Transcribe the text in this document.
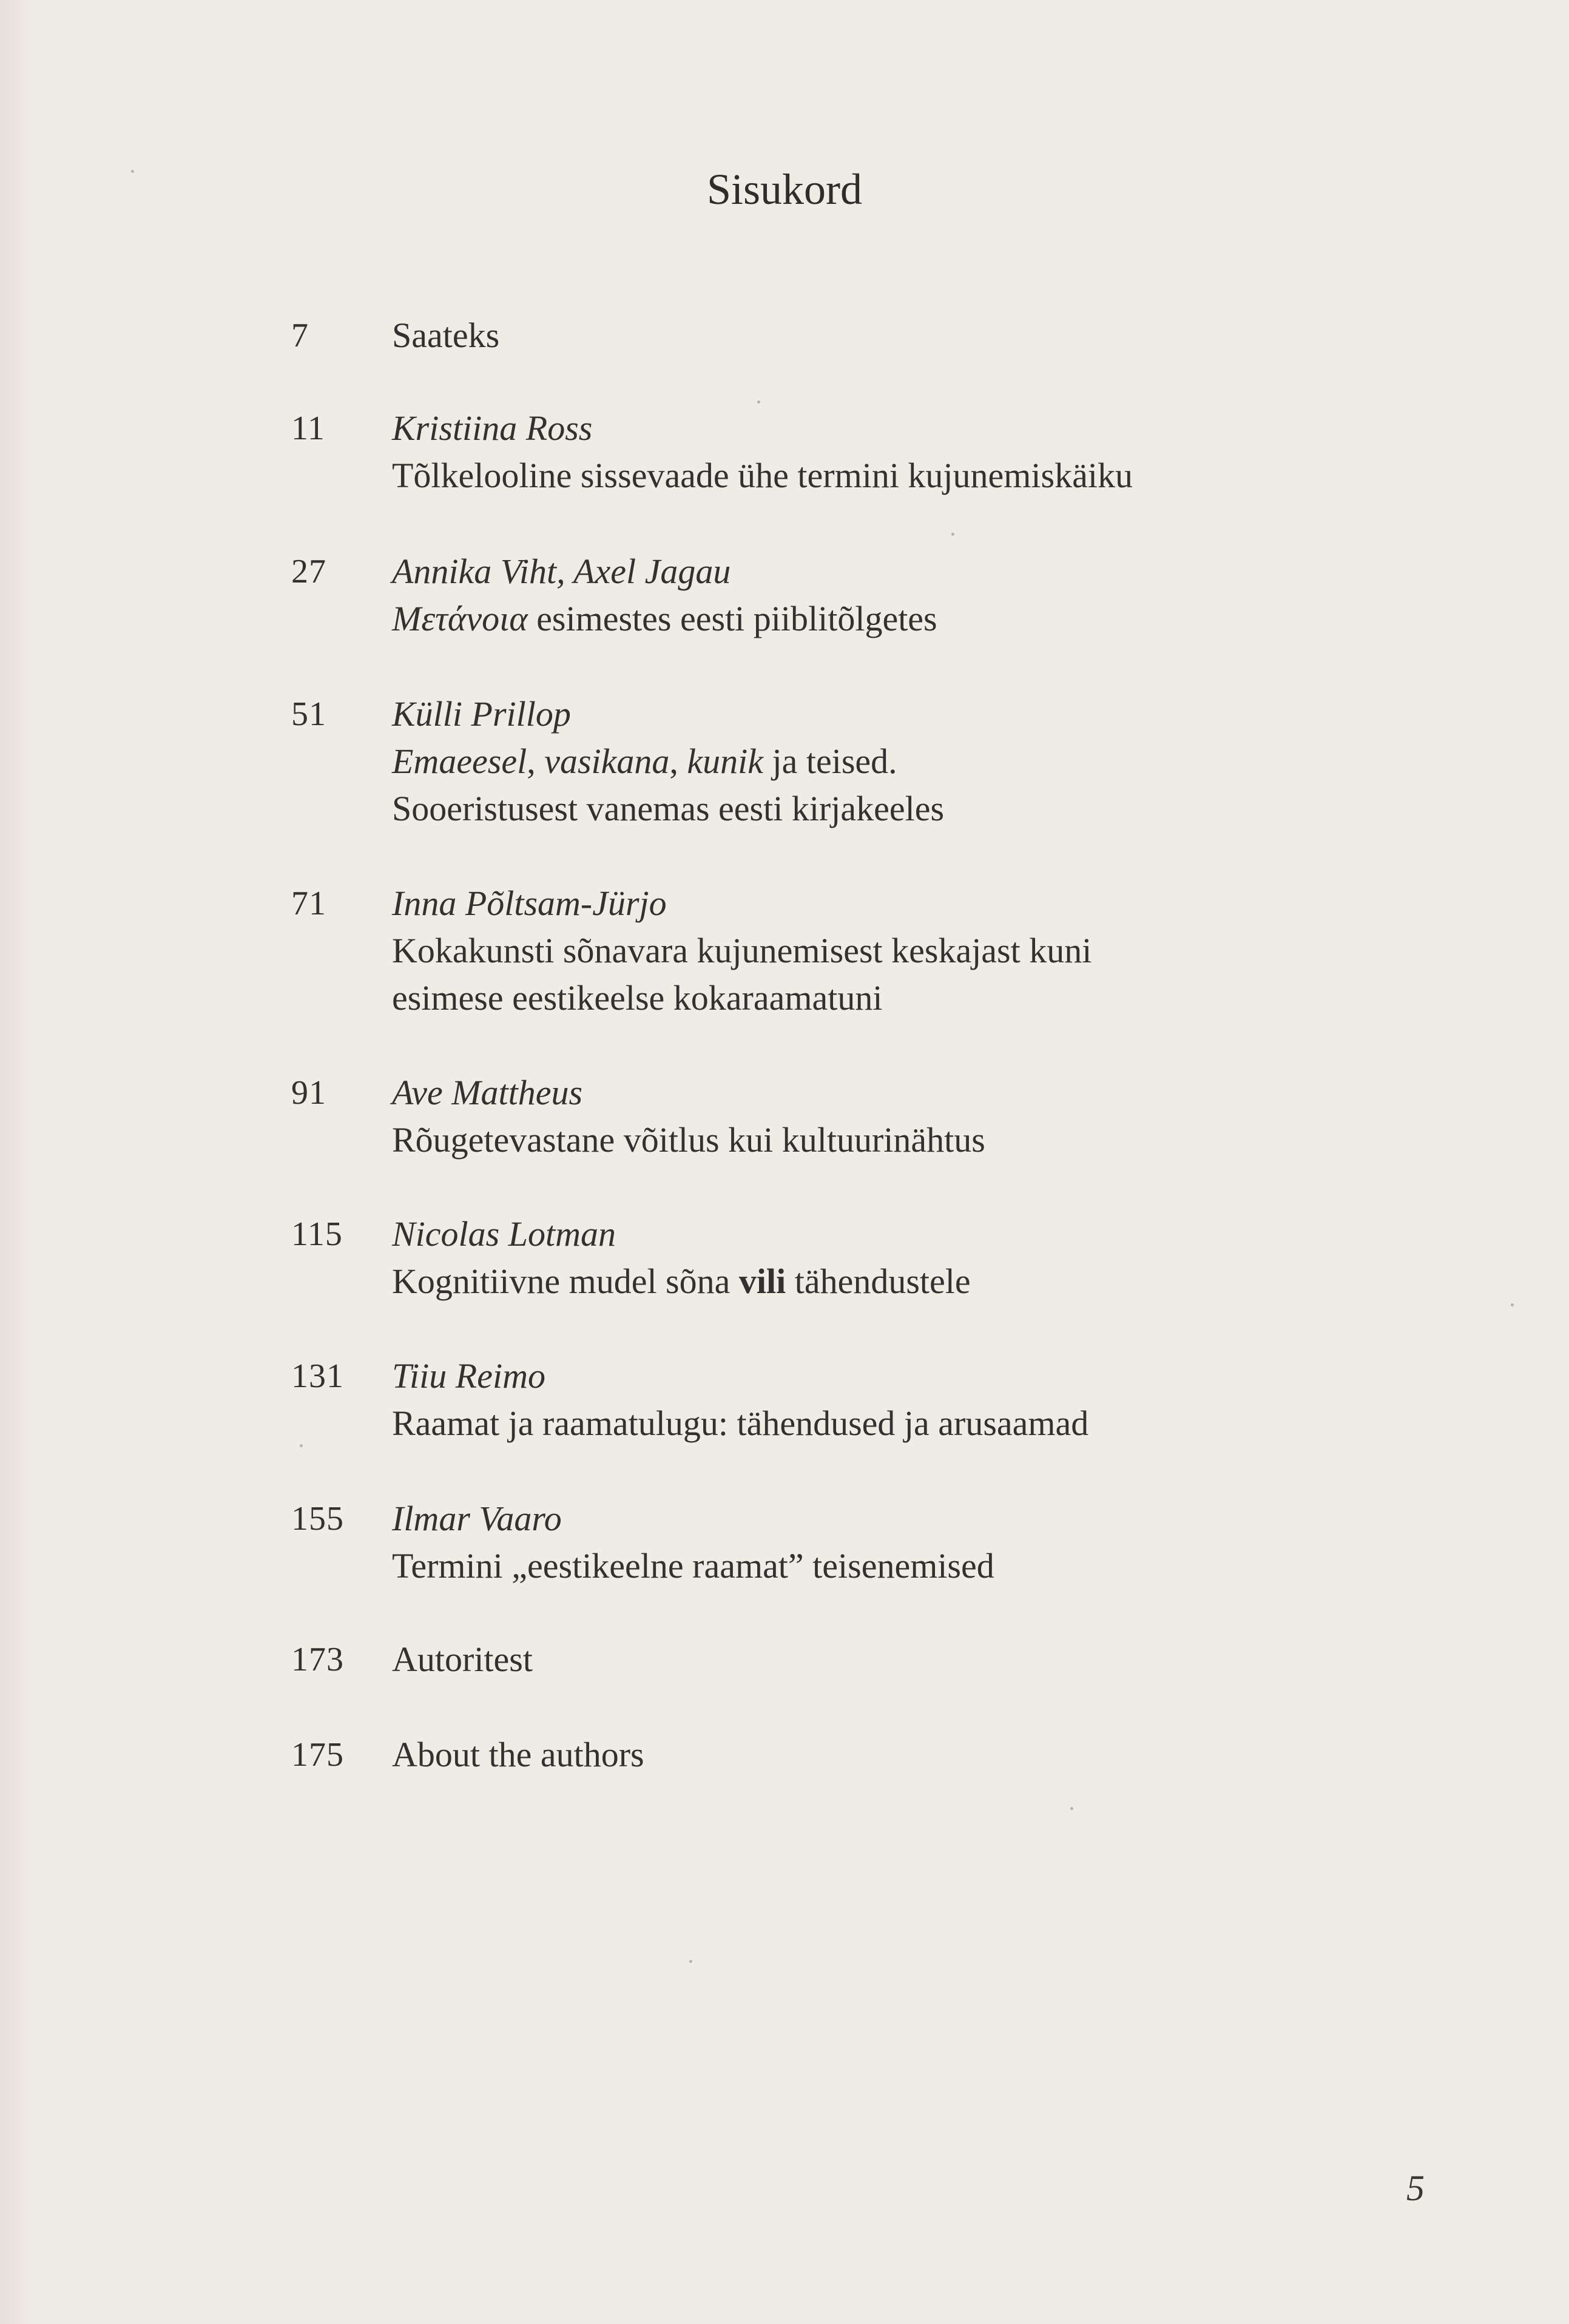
Sisukord
7	Saateks
11	Kristiina Ross
Tõlkelooline sissevaade ühe termini kujunemiskäiku
27	Annika Viht, Axel Jagau
Μετάνοια esimestes eesti piiblitõlgetes
51	Külli Prillop
Emaeesel, vasikana, kunik ja teised.
Sooeristusest vanemas eesti kirjakeeles
71	Inna Põltsam-Jürjo
Kokakunsti sõnavara kujunemisest keskajast kuni
esimese eestikeelse kokaraamatuni
91	Ave Mattheus
Rõugetevastane võitlus kui kultuurinähtus
115	Nicolas Lotman
Kognitiivne mudel sõna vili tähendustele
131	Tiiu Reimo
Raamat ja raamatulugu: tähendused ja arusaamad
155	Ilmar Vaaro
Termini „eestikeelne raamat” teisenemised
173	Autoritest
175	About the authors
5
